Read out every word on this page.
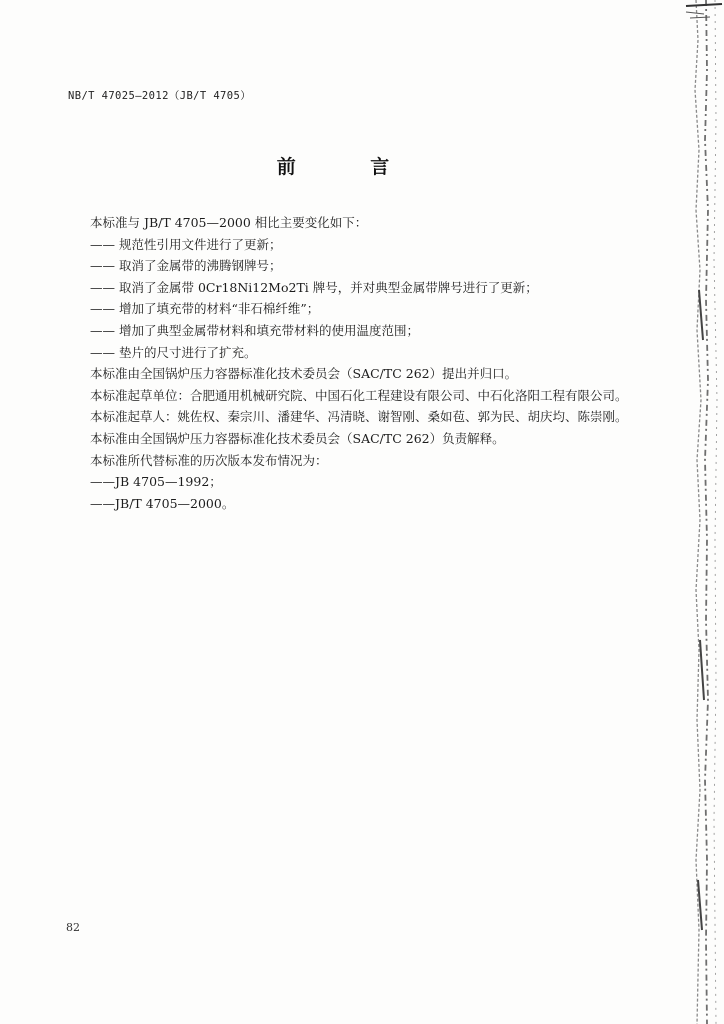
NB/T 47025—2012（JB/T 4705）
前 言
本标准与 JB/T 4705—2000 相比主要变化如下：
—— 规范性引用文件进行了更新；
—— 取消了金属带的沸腾钢牌号；
—— 取消了金属带 0Cr18Ni12Mo2Ti 牌号，并对典型金属带牌号进行了更新；
—— 增加了填充带的材料“非石棉纤维”；
—— 增加了典型金属带材料和填充带材料的使用温度范围；
—— 垫片的尺寸进行了扩充。
本标准由全国锅炉压力容器标准化技术委员会（SAC/TC 262）提出并归口。
本标准起草单位：合肥通用机械研究院、中国石化工程建设有限公司、中石化洛阳工程有限公司。
本标准起草人：姚佐权、秦宗川、潘建华、冯清晓、谢智刚、桑如苞、郭为民、胡庆均、陈崇刚。
本标准由全国锅炉压力容器标准化技术委员会（SAC/TC 262）负责解释。
本标准所代替标准的历次版本发布情况为：
——JB 4705—1992；
——JB/T 4705—2000。
82
